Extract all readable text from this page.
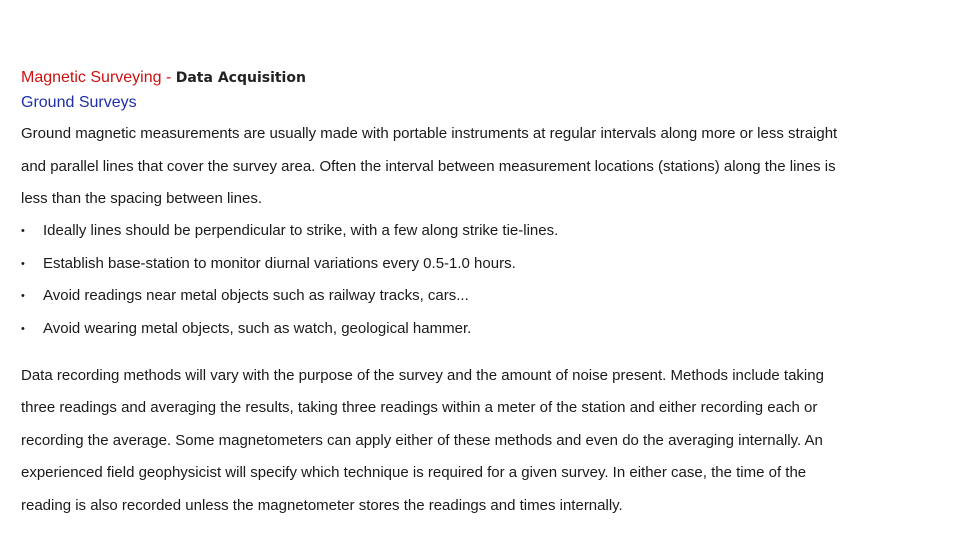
Magnetic Surveying - Data Acquisition
Ground Surveys
Ground magnetic measurements are usually made with portable instruments at regular intervals along more or less straight
and parallel lines that cover the survey area. Often the interval between measurement locations (stations) along the lines is
less than the spacing between lines.
• Ideally lines should be perpendicular to strike, with a few along strike tie-lines.
• Establish base-station to monitor diurnal variations every 0.5-1.0 hours.
• Avoid readings near metal objects such as railway tracks, cars...
• Avoid wearing metal objects, such as watch, geological hammer.
Data recording methods will vary with the purpose of the survey and the amount of noise present. Methods include taking
three readings and averaging the results, taking three readings within a meter of the station and either recording each or
recording the average. Some magnetometers can apply either of these methods and even do the averaging internally. An
experienced field geophysicist will specify which technique is required for a given survey. In either case, the time of the
reading is also recorded unless the magnetometer stores the readings and times internally.
